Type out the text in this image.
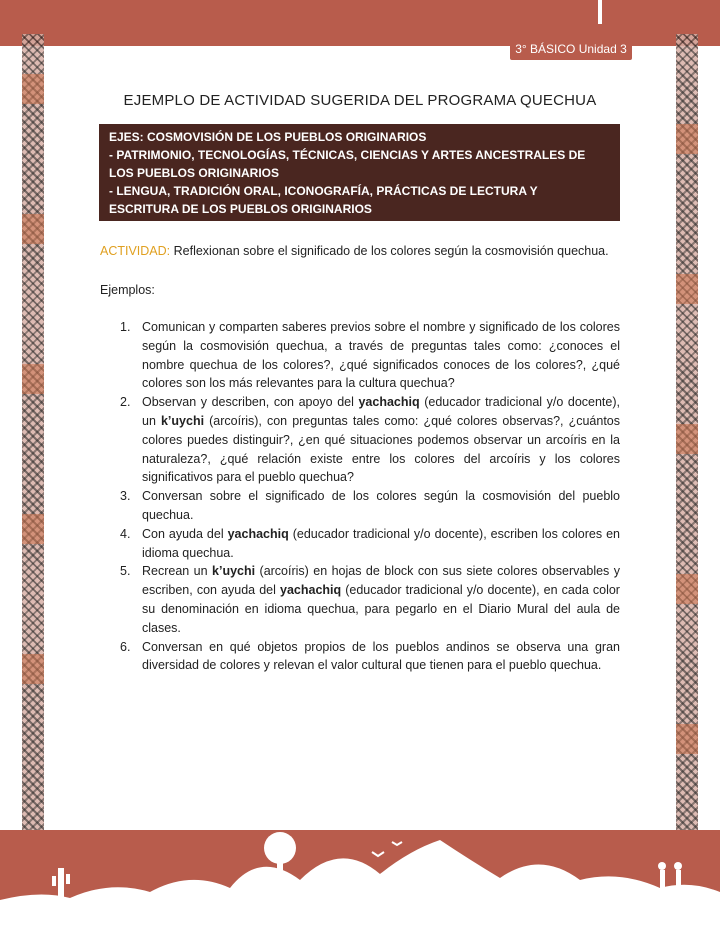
3° BÁSICO Unidad 3
EJEMPLO DE ACTIVIDAD SUGERIDA DEL PROGRAMA QUECHUA
EJES: COSMOVISIÓN DE LOS PUEBLOS ORIGINARIOS
- PATRIMONIO, TECNOLOGÍAS, TÉCNICAS, CIENCIAS Y ARTES ANCESTRALES DE LOS PUEBLOS ORIGINARIOS
- LENGUA, TRADICIÓN ORAL, ICONOGRAFÍA, PRÁCTICAS DE LECTURA Y ESCRITURA DE LOS PUEBLOS ORIGINARIOS
ACTIVIDAD: Reflexionan sobre el significado de los colores según la cosmovisión quechua.
Ejemplos:
1. Comunican y comparten saberes previos sobre el nombre y significado de los colores según la cosmovisión quechua, a través de preguntas tales como: ¿conoces el nombre quechua de los colores?, ¿qué significados conoces de los colores?, ¿qué colores son los más relevantes para la cultura quechua?
2. Observan y describen, con apoyo del yachachiq (educador tradicional y/o docente), un k’uychi (arcoíris), con preguntas tales como: ¿qué colores observas?, ¿cuántos colores puedes distinguir?, ¿en qué situaciones podemos observar un arcoíris en la naturaleza?, ¿qué relación existe entre los colores del arcoíris y los colores significativos para el pueblo quechua?
3. Conversan sobre el significado de los colores según la cosmovisión del pueblo quechua.
4. Con ayuda del yachachiq (educador tradicional y/o docente), escriben los colores en idioma quechua.
5. Recrean un k’uychi (arcoíris) en hojas de block con sus siete colores observables y escriben, con ayuda del yachachiq (educador tradicional y/o docente), en cada color su denominación en idioma quechua, para pegarlo en el Diario Mural del aula de clases.
6. Conversan en qué objetos propios de los pueblos andinos se observa una gran diversidad de colores y relevan el valor cultural que tienen para el pueblo quechua.
